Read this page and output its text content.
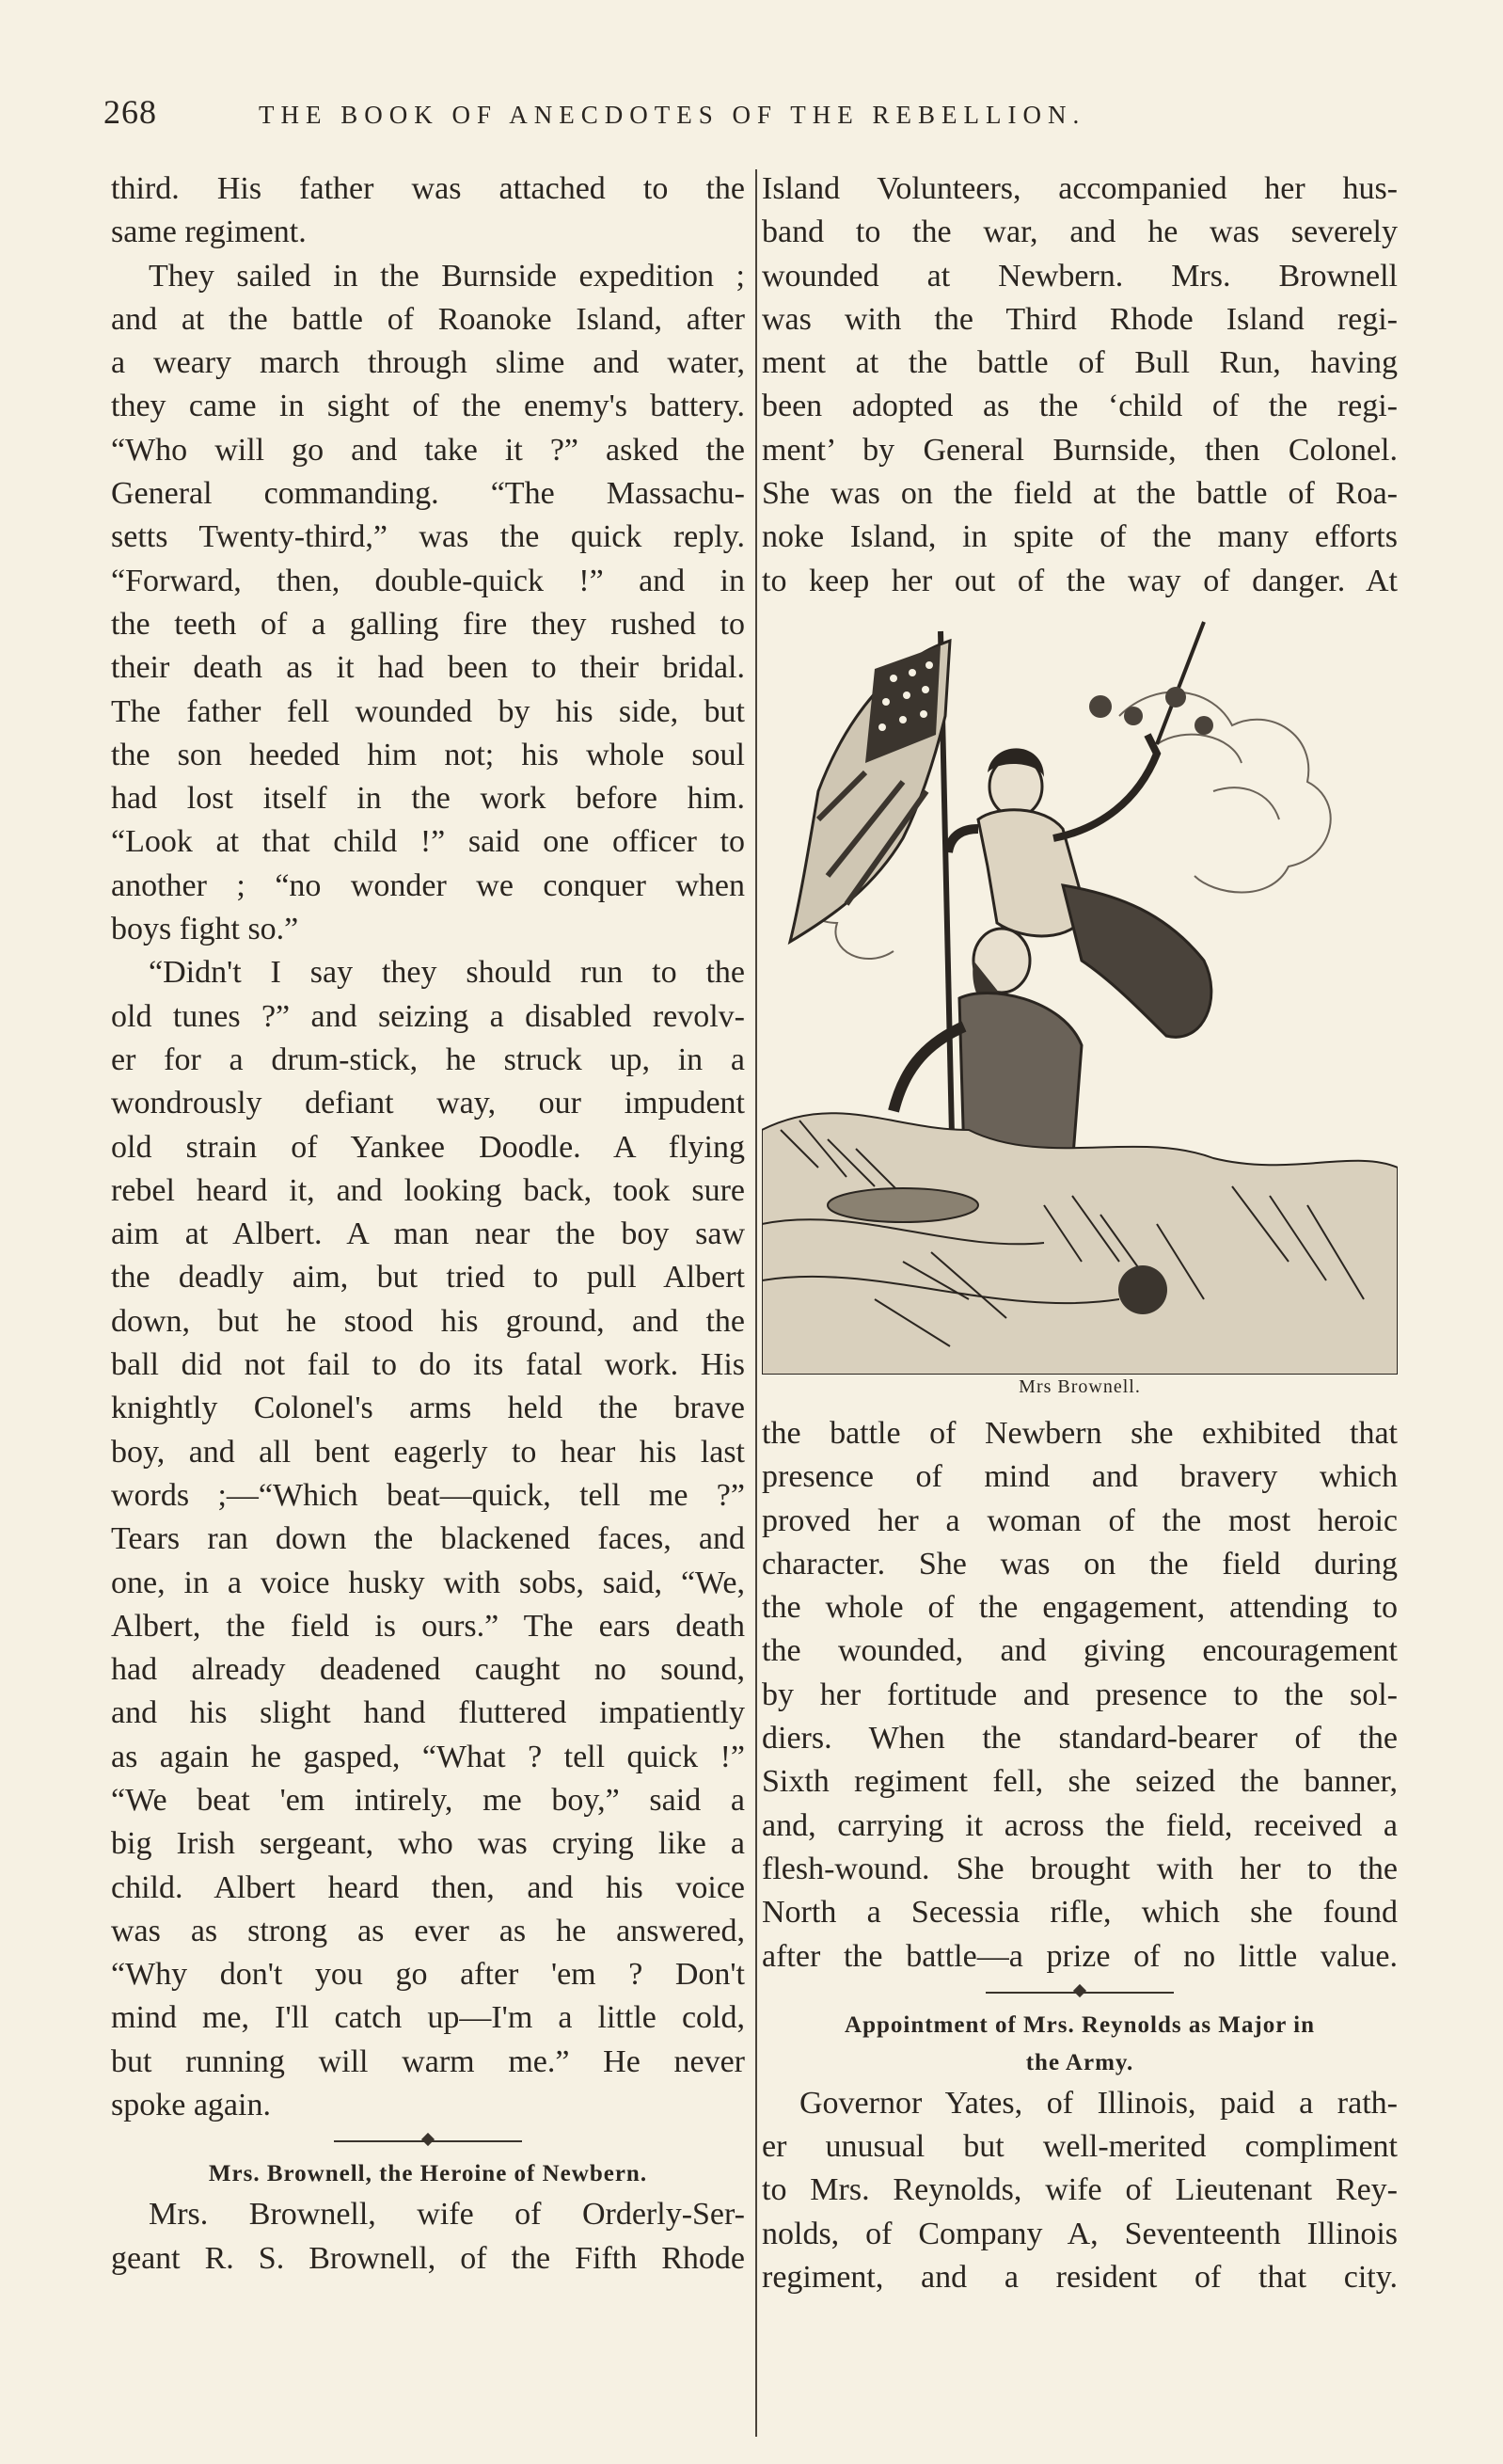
268	THE BOOK OF ANECDOTES OF THE REBELLION.
third. His father was attached to the
same regiment.
They sailed in the Burnside expedition ;
and at the battle of Roanoke Island, after
a weary march through slime and water,
they came in sight of the enemy's battery.
“Who will go and take it ?” asked the
General commanding. “The Massachu-
setts Twenty-third,” was the quick reply.
“Forward, then, double-quick !” and in
the teeth of a galling fire they rushed to
their death as it had been to their bridal.
The father fell wounded by his side, but
the son heeded him not; his whole soul
had lost itself in the work before him.
“Look at that child !” said one officer to
another ; “no wonder we conquer when
boys fight so.”
“Didn't I say they should run to the
old tunes ?” and seizing a disabled revolv-
er for a drum-stick, he struck up, in a
wondrously defiant way, our impudent
old strain of Yankee Doodle. A flying
rebel heard it, and looking back, took sure
aim at Albert. A man near the boy saw
the deadly aim, but tried to pull Albert
down, but he stood his ground, and the
ball did not fail to do its fatal work. His
knightly Colonel's arms held the brave
boy, and all bent eagerly to hear his last
words ;—“Which beat—quick, tell me ?”
Tears ran down the blackened faces, and
one, in a voice husky with sobs, said, “We,
Albert, the field is ours.” The ears death
had already deadened caught no sound,
and his slight hand fluttered impatiently
as again he gasped, “What ? tell quick !”
“We beat 'em intirely, me boy,” said a
big Irish sergeant, who was crying like a
child. Albert heard then, and his voice
was as strong as ever as he answered,
“Why don't you go after 'em ? Don't
mind me, I'll catch up—I'm a little cold,
but running will warm me.” He never
spoke again.
Mrs. Brownell, the Heroine of Newbern.
Mrs. Brownell, wife of Orderly-Ser-
geant R. S. Brownell, of the Fifth Rhode
Island Volunteers, accompanied her hus-
band to the war, and he was severely
wounded at Newbern. Mrs. Brownell
was with the Third Rhode Island regi-
ment at the battle of Bull Run, having
been adopted as the ‘child of the regi-
ment’ by General Burnside, then Colonel.
She was on the field at the battle of Roa-
noke Island, in spite of the many efforts
to keep her out of the way of danger. At
Mrs Brownell.
the battle of Newbern she exhibited that
presence of mind and bravery which
proved her a woman of the most heroic
character. She was on the field during
the whole of the engagement, attending to
the wounded, and giving encouragement
by her fortitude and presence to the sol-
diers. When the standard-bearer of the
Sixth regiment fell, she seized the banner,
and, carrying it across the field, received a
flesh-wound. She brought with her to the
North a Secessia rifle, which she found
after the battle—a prize of no little value.
Appointment of Mrs. Reynolds as Major in
the Army.
Governor Yates, of Illinois, paid a rath-
er unusual but well-merited compliment
to Mrs. Reynolds, wife of Lieutenant Rey-
nolds, of Company A, Seventeenth Illinois
regiment, and a resident of that city.
